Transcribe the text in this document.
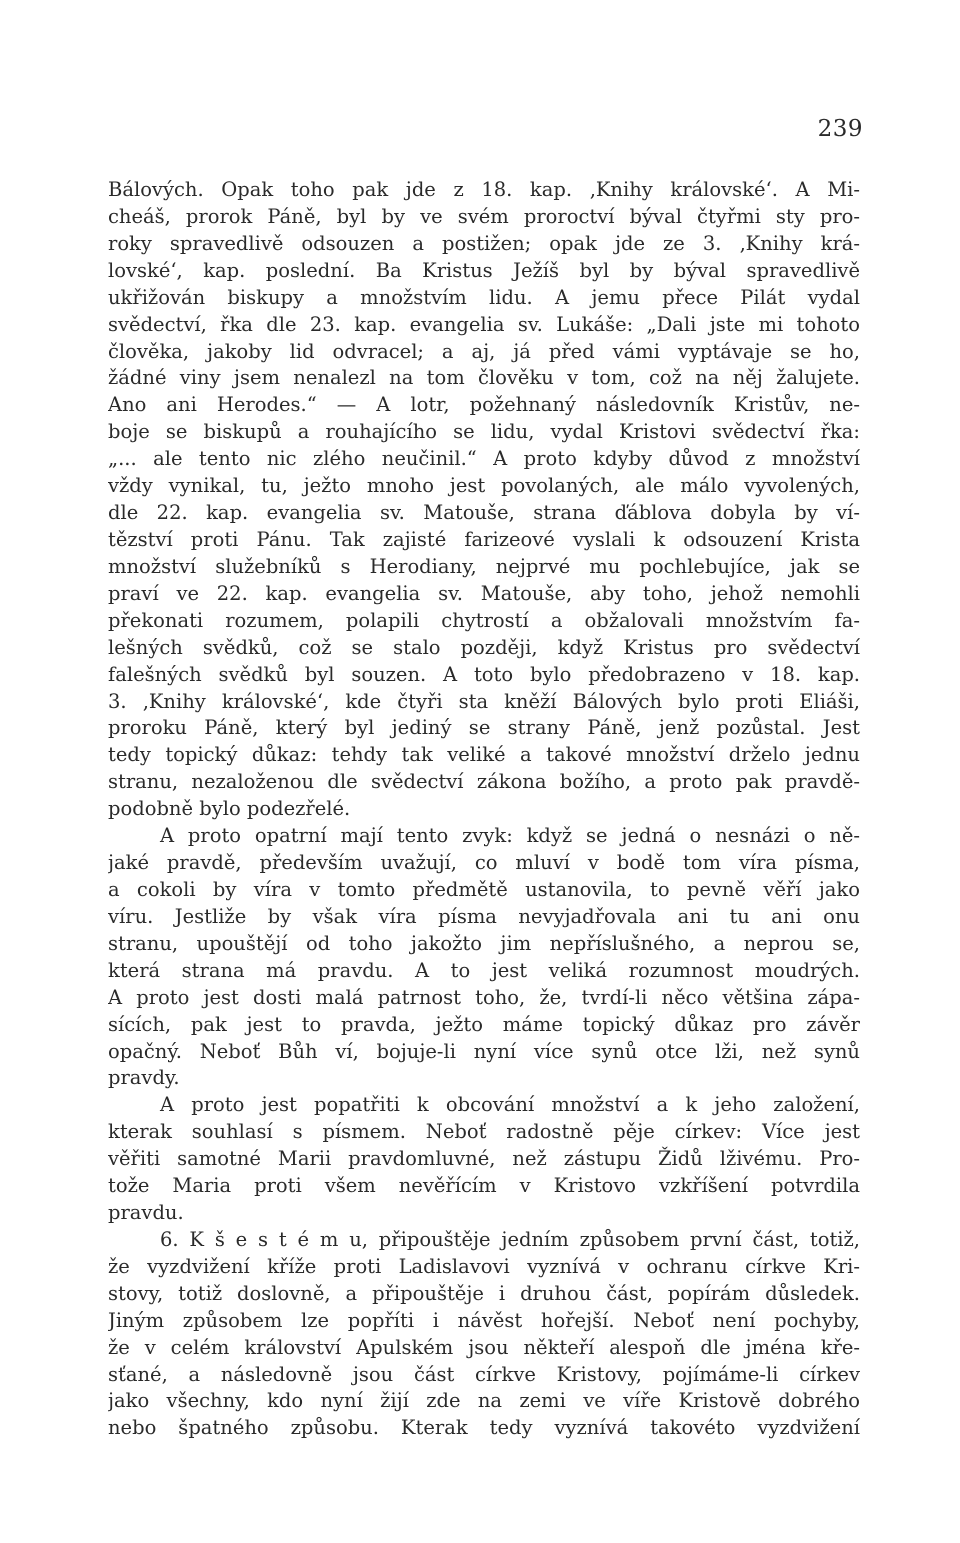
239
Bálových. Opak toho pak jde z 18. kap. ‚Knihy královské‘. A Mi-
cheáš, prorok Páně, byl by ve svém proroctví býval čtyřmi sty pro-
roky spravedlivě odsouzen a postižen; opak jde ze 3. ‚Knihy krá-
lovské‘, kap. poslední. Ba Kristus Ježíš byl by býval spravedlivě
ukřižován biskupy a množstvím lidu. A jemu přece Pilát vydal
svědectví, řka dle 23. kap. evangelia sv. Lukáše: „Dali jste mi tohoto
člověka, jakoby lid odvracel; a aj, já před vámi vyptávaje se ho,
žádné viny jsem nenalezl na tom člověku v tom, což na něj žalujete.
Ano ani Herodes.“ — A lotr, požehnaný následovník Kristův, ne-
boje se biskupů a rouhajícího se lidu, vydal Kristovi svědectví řka:
„... ale tento nic zlého neučinil.“ A proto kdyby důvod z množství
vždy vynikal, tu, ježto mnoho jest povolaných, ale málo vyvolených,
dle 22. kap. evangelia sv. Matouše, strana ďáblova dobyla by ví-
tězství proti Pánu. Tak zajisté farizeové vyslali k odsouzení Krista
množství služebníků s Herodiany, nejprvé mu pochlebujíce, jak se
praví ve 22. kap. evangelia sv. Matouše, aby toho, jehož nemohli
překonati rozumem, polapili chytrostí a obžalovali množstvím fa-
lešných svědků, což se stalo později, když Kristus pro svědectví
falešných svědků byl souzen. A toto bylo předobrazeno v 18. kap.
3. ‚Knihy královské‘, kde čtyři sta kněží Bálových bylo proti Eliáši,
proroku Páně, který byl jediný se strany Páně, jenž pozůstal. Jest
tedy topický důkaz: tehdy tak veliké a takové množství drželo jednu
stranu, nezaloženou dle svědectví zákona božího, a proto pak pravdě-
podobně bylo podezřelé.
A proto opatrní mají tento zvyk: když se jedná o nesnázi o ně-
jaké pravdě, především uvažují, co mluví v bodě tom víra písma,
a cokoli by víra v tomto předmětě ustanovila, to pevně věří jako
víru. Jestliže by však víra písma nevyjadřovala ani tu ani onu
stranu, upouštějí od toho jakožto jim nepříslušného, a neprou se,
která strana má pravdu. A to jest veliká rozumnost moudrých.
A proto jest dosti malá patrnost toho, že, tvrdí-li něco většina zápa-
sících, pak jest to pravda, ježto máme topický důkaz pro závěr
opačný. Neboť Bůh ví, bojuje-li nyní více synů otce lži, než synů
pravdy.
A proto jest popatřiti k obcování množství a k jeho založení,
kterak souhlasí s písmem. Neboť radostně pěje církev: Více jest
věřiti samotné Marii pravdomluvné, než zástupu Židů lživému. Pro-
tože Maria proti všem nevěřícím v Kristovo vzkříšení potvrdila
pravdu.
6. K š e s t é m u, připouštěje jedním způsobem první část, totiž,
že vyzdvižení kříže proti Ladislavovi vyznívá v ochranu církve Kri-
stovy, totiž doslovně, a připouštěje i druhou část, popírám důsledek.
Jiným způsobem lze popříti i návěst hořejší. Neboť není pochyby,
že v celém království Apulském jsou někteří alespoň dle jména kře-
sťané, a následovně jsou část církve Kristovy, pojímáme-li církev
jako všechny, kdo nyní žijí zde na zemi ve víře Kristově dobrého
nebo špatného způsobu. Kterak tedy vyznívá takovéto vyzdvižení
